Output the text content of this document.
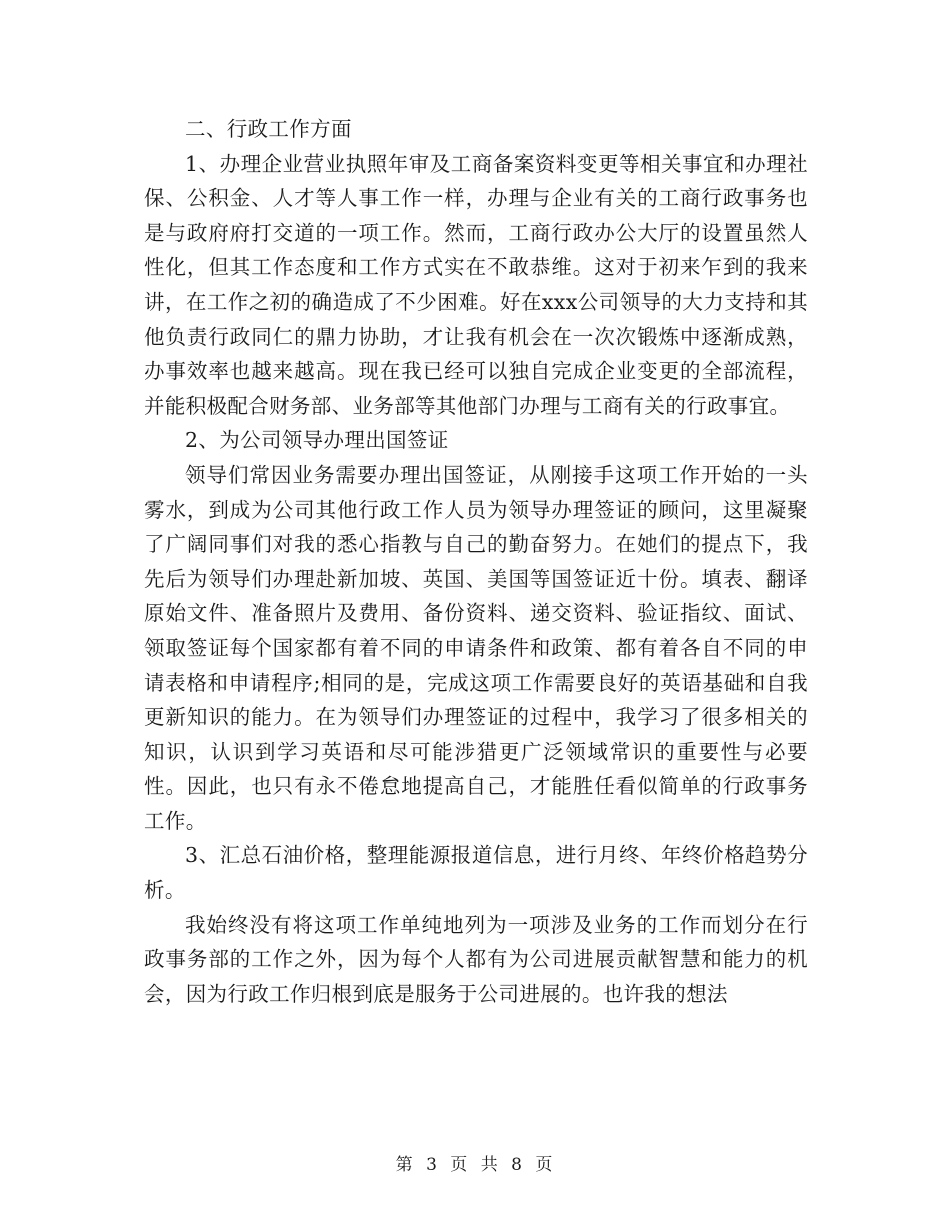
二、行政工作方面

1、办理企业营业执照年审及工商备案资料变更等相关事宜和办理社保、公积金、人才等人事工作一样，办理与企业有关的工商行政事务也是与政府府打交道的一项工作。然而，工商行政办公大厅的设置虽然人性化，但其工作态度和工作方式实在不敢恭维。这对于初来乍到的我来讲，在工作之初的确造成了不少困难。好在xxx公司领导的大力支持和其他负责行政同仁的鼎力协助，才让我有机会在一次次锻炼中逐渐成熟，办事效率也越来越高。现在我已经可以独自完成企业变更的全部流程，并能积极配合财务部、业务部等其他部门办理与工商有关的行政事宜。

2、为公司领导办理出国签证

领导们常因业务需要办理出国签证，从刚接手这项工作开始的一头雾水，到成为公司其他行政工作人员为领导办理签证的顾问，这里凝聚了广阔同事们对我的悉心指教与自己的勤奋努力。在她们的提点下，我先后为领导们办理赴新加坡、英国、美国等国签证近十份。填表、翻译原始文件、准备照片及费用、备份资料、递交资料、验证指纹、面试、领取签证每个国家都有着不同的申请条件和政策、都有着各自不同的申请表格和申请程序;相同的是，完成这项工作需要良好的英语基础和自我更新知识的能力。在为领导们办理签证的过程中，我学习了很多相关的知识，认识到学习英语和尽可能涉猎更广泛领域常识的重要性与必要性。因此，也只有永不倦怠地提高自己，才能胜任看似简单的行政事务工作。

3、汇总石油价格，整理能源报道信息，进行月终、年终价格趋势分析。

我始终没有将这项工作单纯地列为一项涉及业务的工作而划分在行政事务部的工作之外，因为每个人都有为公司进展贡献智慧和能力的机会，因为行政工作归根到底是服务于公司进展的。也许我的想法

第 3 页 共 8 页
